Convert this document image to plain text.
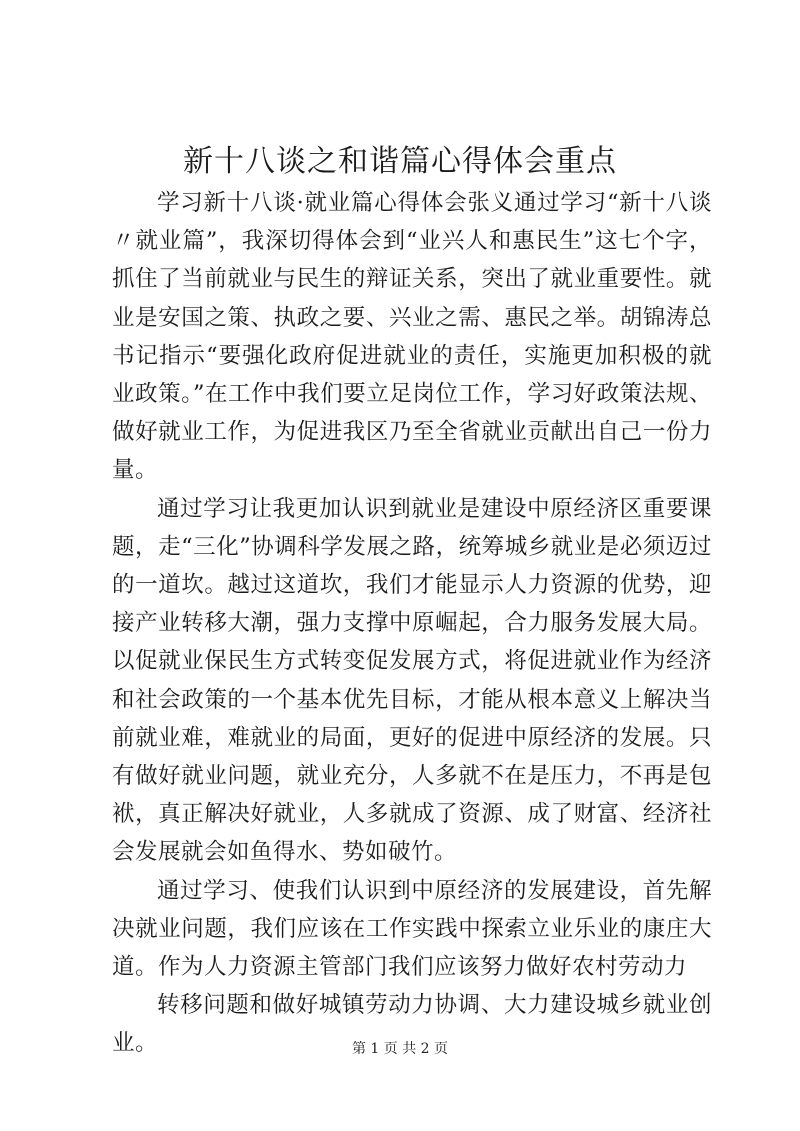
新十八谈之和谐篇心得体会重点

学习新十八谈·就业篇心得体会张义通过学习“新十八谈〃就业篇”，我深切得体会到“业兴人和惠民生”这七个字，抓住了当前就业与民生的辩证关系，突出了就业重要性。就业是安国之策、执政之要、兴业之需、惠民之举。胡锦涛总书记指示“要强化政府促进就业的责任，实施更加积极的就业政策。”在工作中我们要立足岗位工作，学习好政策法规、做好就业工作，为促进我区乃至全省就业贡献出自己一份力量。

通过学习让我更加认识到就业是建设中原经济区重要课题，走“三化”协调科学发展之路，统筹城乡就业是必须迈过的一道坎。越过这道坎，我们才能显示人力资源的优势，迎接产业转移大潮，强力支撑中原崛起，合力服务发展大局。以促就业保民生方式转变促发展方式，将促进就业作为经济和社会政策的一个基本优先目标，才能从根本意义上解决当前就业难，难就业的局面，更好的促进中原经济的发展。只有做好就业问题，就业充分，人多就不在是压力，不再是包袱，真正解决好就业，人多就成了资源、成了财富、经济社会发展就会如鱼得水、势如破竹。

通过学习、使我们认识到中原经济的发展建设，首先解决就业问题，我们应该在工作实践中探索立业乐业的康庄大道。作为人力资源主管部门我们应该努力做好农村劳动力

转移问题和做好城镇劳动力协调、大力建设城乡就业创业。	第 1 页 共 2 页
